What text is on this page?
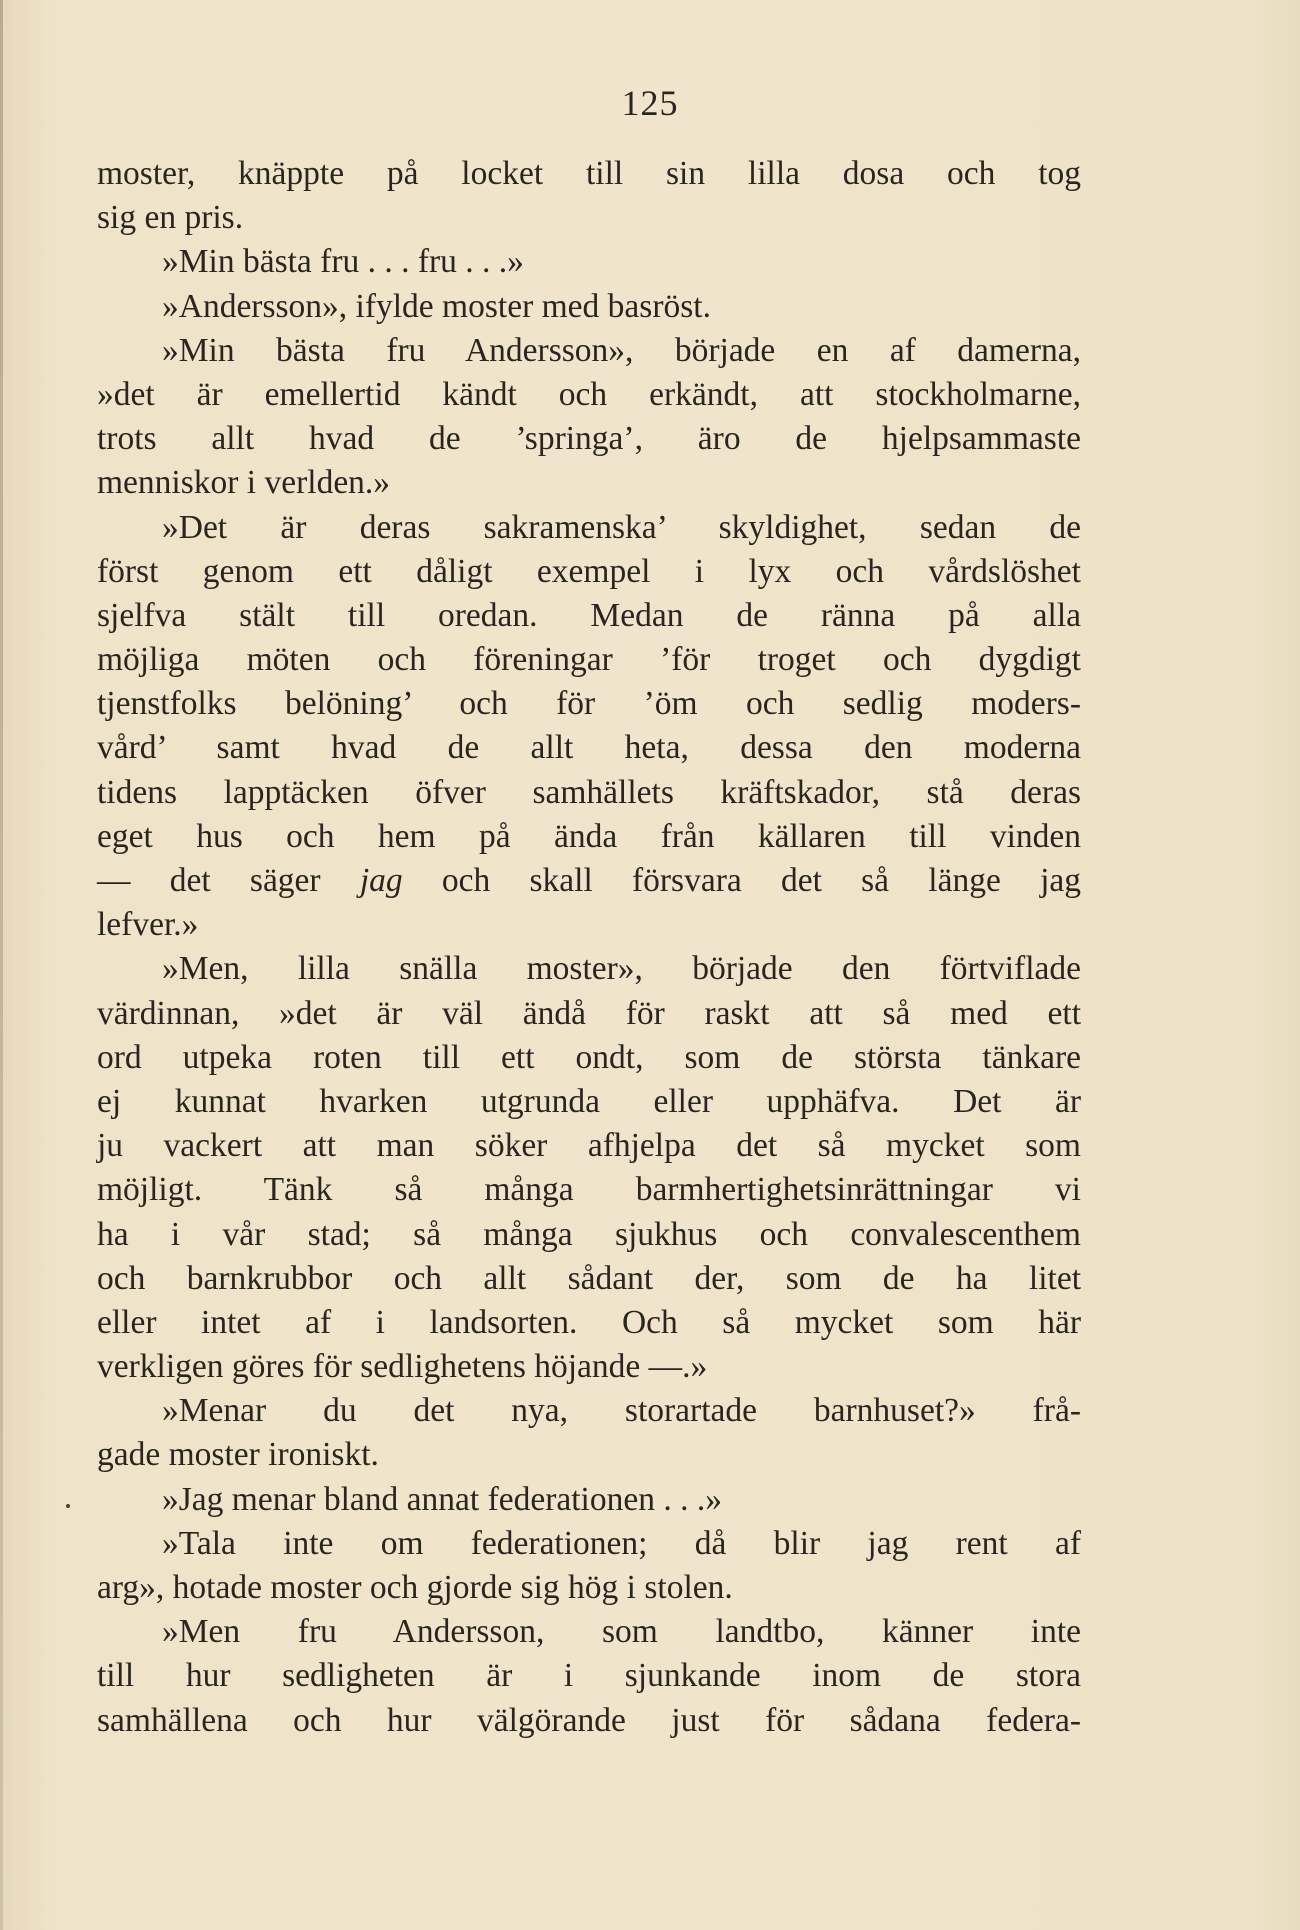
125
moster, knäppte på locket till sin lilla dosa och tog
sig en pris.
»Min bästa fru . . . fru . . .»
»Andersson», ifylde moster med basröst.
»Min bästa fru Andersson», började en af damerna,
»det är emellertid kändt och erkändt, att stockholmarne,
trots allt hvad de ’springa’, äro de hjelpsammaste
menniskor i verlden.»
»Det är deras sakramenska’ skyldighet, sedan de
först genom ett dåligt exempel i lyx och vårdslöshet
sjelfva stält till oredan. Medan de ränna på alla
möjliga möten och föreningar ’för troget och dygdigt
tjenstfolks belöning’ och för ’öm och sedlig moders-
vård’ samt hvad de allt heta, dessa den moderna
tidens lapptäcken öfver samhällets kräftskador, stå deras
eget hus och hem på ända från källaren till vinden
— det säger jag och skall försvara det så länge jag
lefver.»
»Men, lilla snälla moster», började den förtviflade
värdinnan, »det är väl ändå för raskt att så med ett
ord utpeka roten till ett ondt, som de största tänkare
ej kunnat hvarken utgrunda eller upphäfva. Det är
ju vackert att man söker afhjelpa det så mycket som
möjligt. Tänk så många barmhertighetsinrättningar vi
ha i vår stad; så många sjukhus och convalescenthem
och barnkrubbor och allt sådant der, som de ha litet
eller intet af i landsorten. Och så mycket som här
verkligen göres för sedlighetens höjande —.»
»Menar du det nya, storartade barnhuset?» frå-
gade moster ironiskt.
»Jag menar bland annat federationen . . .»
»Tala inte om federationen; då blir jag rent af
arg», hotade moster och gjorde sig hög i stolen.
»Men fru Andersson, som landtbo, känner inte
till hur sedligheten är i sjunkande inom de stora
samhällena och hur välgörande just för sådana federa-
